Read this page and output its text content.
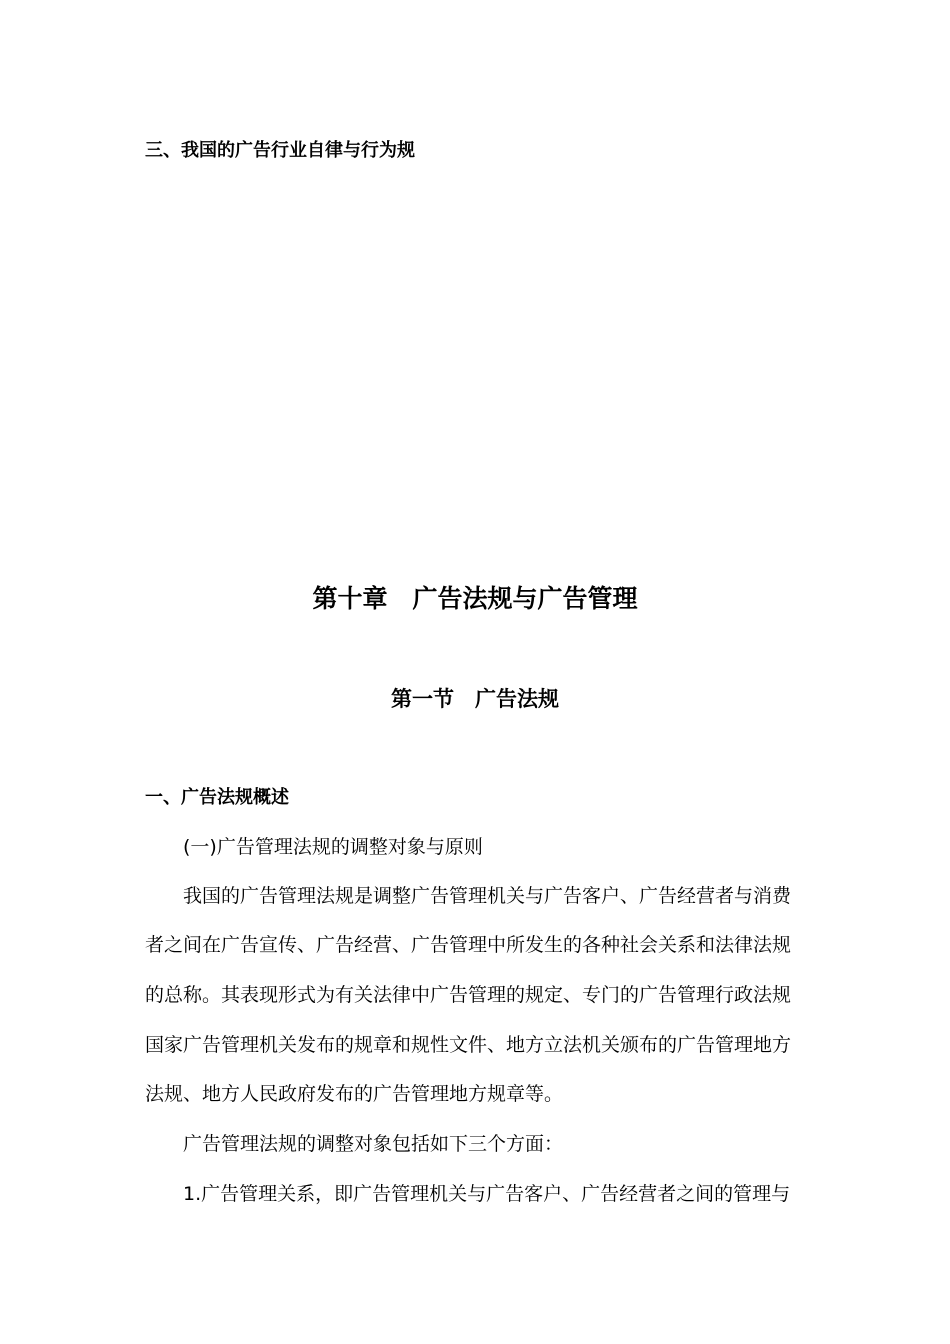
三、我国的广告行业自律与行为规
第十章　广告法规与广告管理
第一节　广告法规
一、广告法规概述
(一)广告管理法规的调整对象与原则
我国的广告管理法规是调整广告管理机关与广告客户、广告经营者与消费
者之间在广告宣传、广告经营、广告管理中所发生的各种社会关系和法律法规
的总称。其表现形式为有关法律中广告管理的规定、专门的广告管理行政法规
国家广告管理机关发布的规章和规性文件、地方立法机关颁布的广告管理地方
法规、地方人民政府发布的广告管理地方规章等。
广告管理法规的调整对象包括如下三个方面：
1.广告管理关系，即广告管理机关与广告客户、广告经营者之间的管理与
